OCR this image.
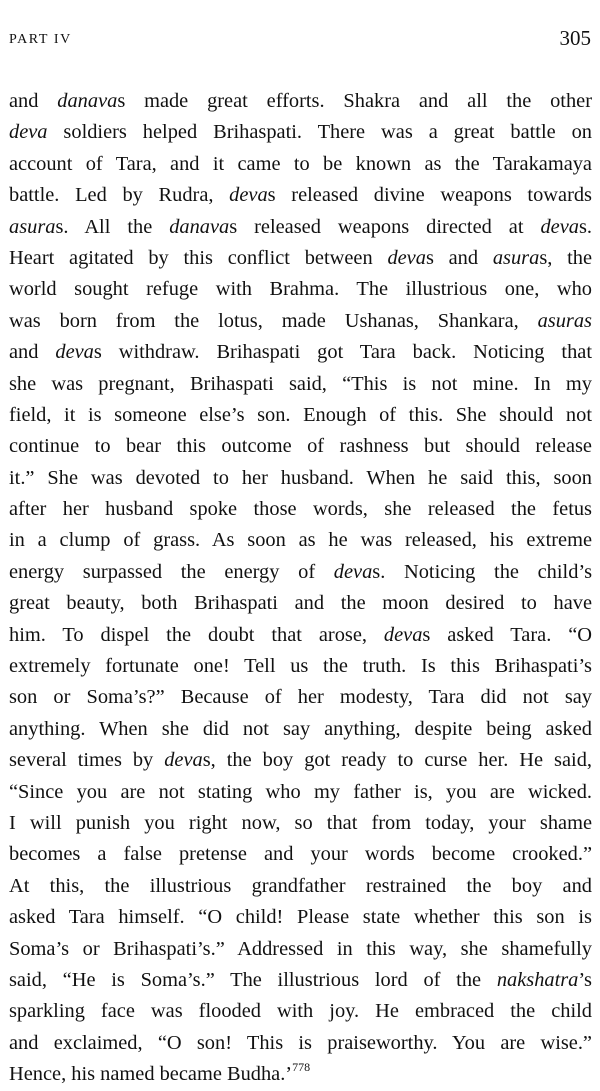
PART IV	305
and danavas made great efforts. Shakra and all the other
deva soldiers helped Brihaspati. There was a great battle on
account of Tara, and it came to be known as the Tarakamaya
battle. Led by Rudra, devas released divine weapons towards
asuras. All the danavas released weapons directed at devas.
Heart agitated by this conflict between devas and asuras, the
world sought refuge with Brahma. The illustrious one, who
was born from the lotus, made Ushanas, Shankara, asuras
and devas withdraw. Brihaspati got Tara back. Noticing that
she was pregnant, Brihaspati said, “This is not mine. In my
field, it is someone else’s son. Enough of this. She should not
continue to bear this outcome of rashness but should release
it.” She was devoted to her husband. When he said this, soon
after her husband spoke those words, she released the fetus
in a clump of grass. As soon as he was released, his extreme
energy surpassed the energy of devas. Noticing the child’s
great beauty, both Brihaspati and the moon desired to have
him. To dispel the doubt that arose, devas asked Tara. “O
extremely fortunate one! Tell us the truth. Is this Brihaspati’s
son or Soma’s?” Because of her modesty, Tara did not say
anything. When she did not say anything, despite being asked
several times by devas, the boy got ready to curse her. He said,
“Since you are not stating who my father is, you are wicked.
I will punish you right now, so that from today, your shame
becomes a false pretense and your words become crooked.”
At this, the illustrious grandfather restrained the boy and
asked Tara himself. “O child! Please state whether this son is
Soma’s or Brihaspati’s.” Addressed in this way, she shamefully
said, “He is Soma’s.” The illustrious lord of the nakshatra’s
sparkling face was flooded with joy. He embraced the child
and exclaimed, “O son! This is praiseworthy. You are wise.”
Hence, his named became Budha.’$^{778}$
